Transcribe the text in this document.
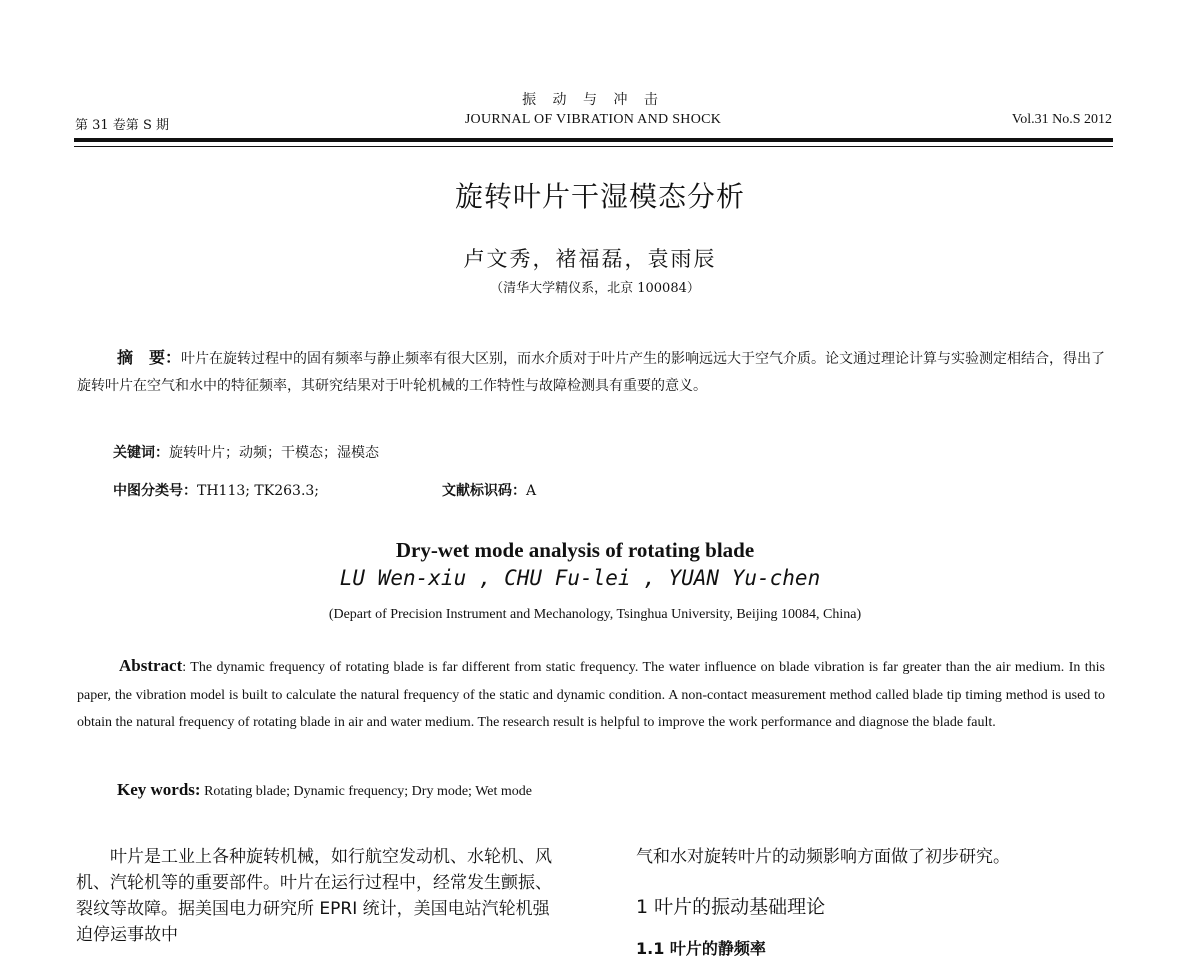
第 31 卷第 S 期
振 动 与 冲 击
JOURNAL OF VIBRATION AND SHOCK	Vol.31 No.S 2012
旋转叶片干湿模态分析
卢文秀，褚福磊，袁雨辰
（清华大学精仪系，北京 100084）
摘　要：叶片在旋转过程中的固有频率与静止频率有很大区别，而水介质对于叶片产生的影响远远大于空气介质。论文通过理论计算与实验测定相结合，得出了旋转叶片在空气和水中的特征频率，其研究结果对于叶轮机械的工作特性与故障检测具有重要的意义。
关键词：旋转叶片；动频；干模态；湿模态
中图分类号：TH113; TK263.3;	文献标识码：A
Dry-wet mode analysis of rotating blade
LU Wen-xiu , CHU Fu-lei , YUAN Yu-chen
(Depart of Precision Instrument and Mechanology, Tsinghua University, Beijing 10084, China)
Abstract: The dynamic frequency of rotating blade is far different from static frequency. The water influence on blade vibration is far greater than the air medium. In this paper, the vibration model is built to calculate the natural frequency of the static and dynamic condition. A non-contact measurement method called blade tip timing method is used to obtain the natural frequency of rotating blade in air and water medium. The research result is helpful to improve the work performance and diagnose the blade fault.
Key words: Rotating blade; Dynamic frequency; Dry mode; Wet mode

叶片是工业上各种旋转机械，如行航空发动机、水轮机、风机、汽轮机等的重要部件。叶片在运行过程中，经常发生颤振、裂纹等故障。据美国电力研究所 EPRI 统计，美国电站汽轮机强迫停运事故中

气和水对旋转叶片的动频影响方面做了初步研究。
1 叶片的振动基础理论
1.1 叶片的静频率
